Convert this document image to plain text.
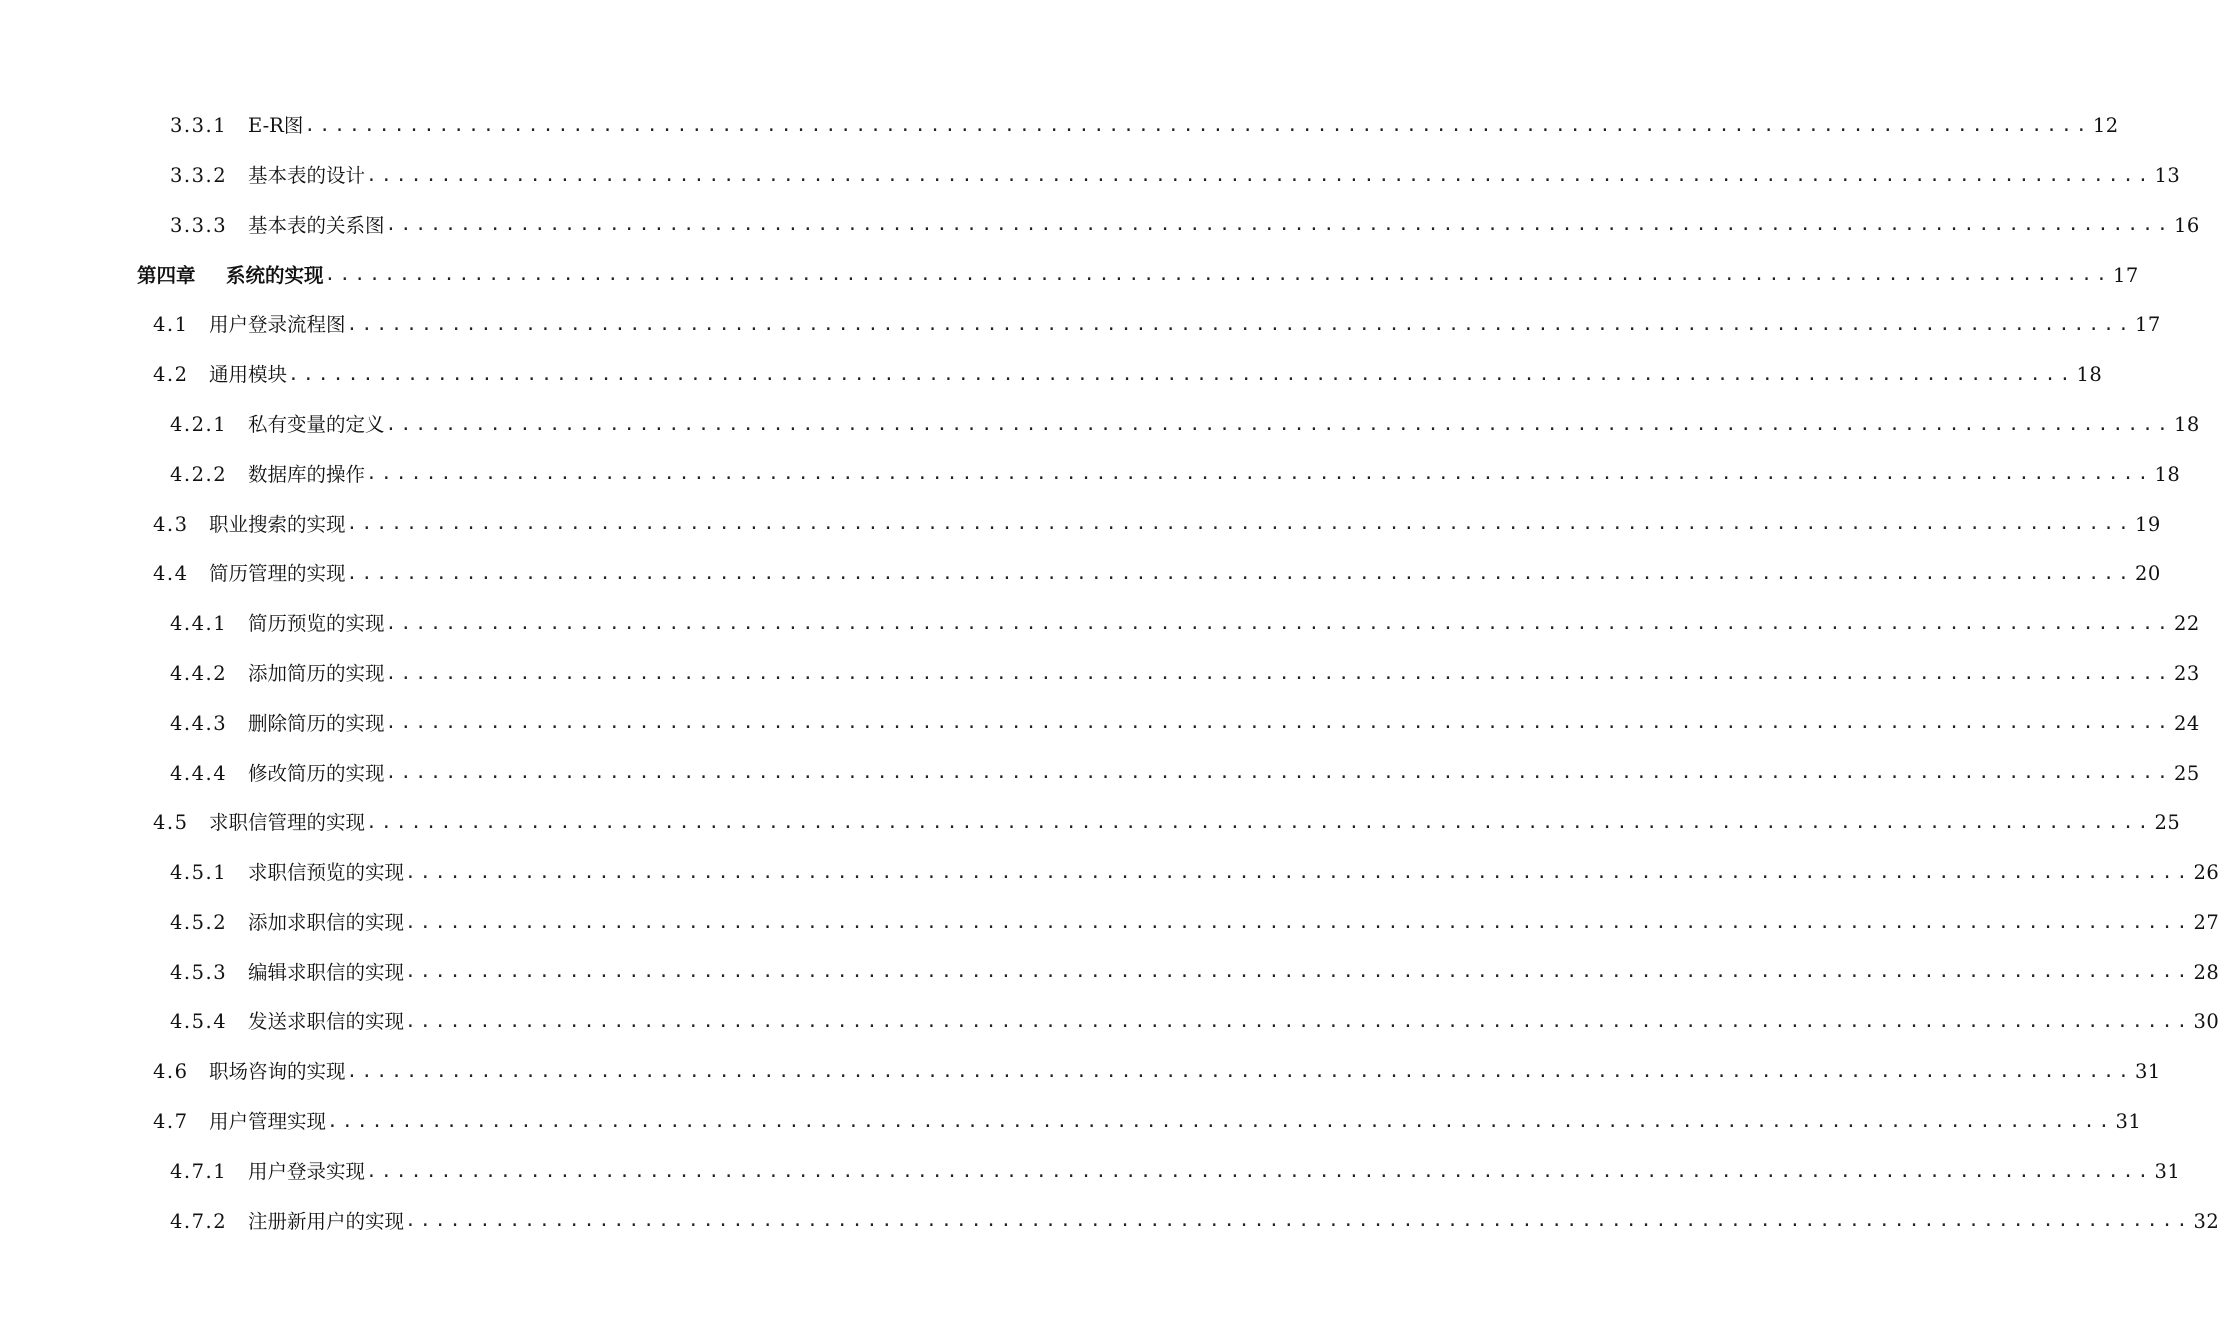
3.3.1	E-R图 ........................................................................................................................ 12
3.3.2	基本表的设计 ........................................................................................................................ 13
3.3.3	基本表的关系图 ........................................................................................................................ 16
第四章	系统的实现 ........................................................................................................................ 17
4.1	用户登录流程图 ........................................................................................................................ 17
4.2	通用模块 ........................................................................................................................ 18
4.2.1	私有变量的定义 ........................................................................................................................ 18
4.2.2	数据库的操作 ........................................................................................................................ 18
4.3	职业搜索的实现 ........................................................................................................................ 19
4.4	简历管理的实现 ........................................................................................................................ 20
4.4.1	简历预览的实现 ........................................................................................................................ 22
4.4.2	添加简历的实现 ........................................................................................................................ 23
4.4.3	删除简历的实现 ........................................................................................................................ 24
4.4.4	修改简历的实现 ........................................................................................................................ 25
4.5	求职信管理的实现 ........................................................................................................................ 25
4.5.1	求职信预览的实现 ........................................................................................................................ 26
4.5.2	添加求职信的实现 ........................................................................................................................ 27
4.5.3	编辑求职信的实现 ........................................................................................................................ 28
4.5.4	发送求职信的实现 ........................................................................................................................ 30
4.6	职场咨询的实现 ........................................................................................................................ 31
4.7	用户管理实现 ........................................................................................................................ 31
4.7.1	用户登录实现 ........................................................................................................................ 31
4.7.2	注册新用户的实现 ........................................................................................................................ 32
